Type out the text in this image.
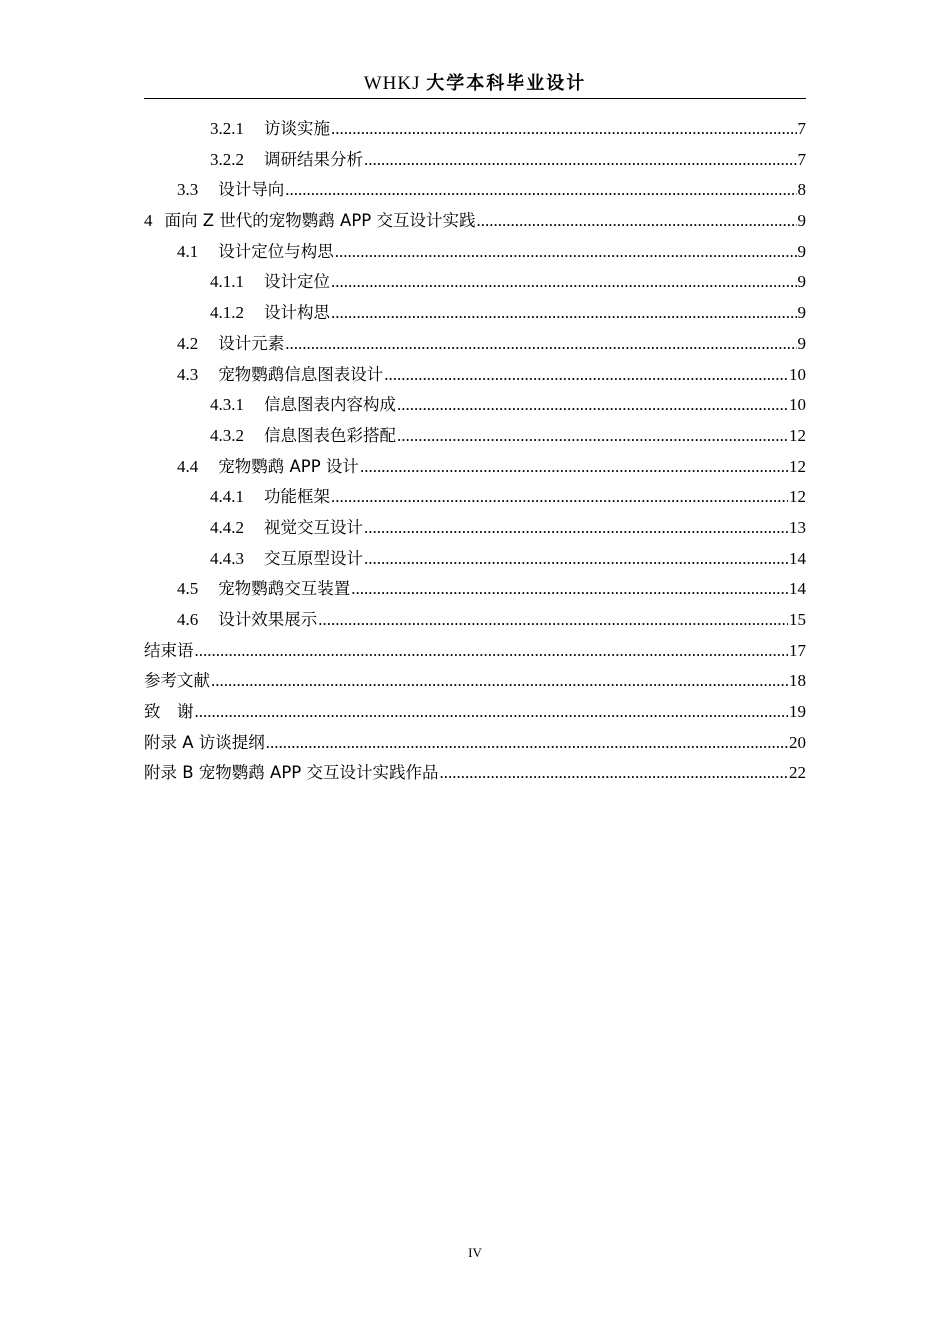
WHKJ 大学本科毕业设计
3.2.1 访谈实施 .....	7
3.2.2 调研结果分析 .....	7
3.3 设计导向 .....	8
4 面向 Z 世代的宠物鹦鹉 APP 交互设计实践 .....	9
4.1 设计定位与构思 .....	9
4.1.1 设计定位 .....	9
4.1.2 设计构思 .....	9
4.2 设计元素 .....	9
4.3 宠物鹦鹉信息图表设计 .....	10
4.3.1 信息图表内容构成 .....	10
4.3.2 信息图表色彩搭配 .....	12
4.4 宠物鹦鹉 APP 设计 .....	12
4.4.1 功能框架 .....	12
4.4.2 视觉交互设计 .....	13
4.4.3 交互原型设计 .....	14
4.5 宠物鹦鹉交互装置 .....	14
4.6 设计效果展示 .....	15
结束语 .....	17
参考文献 .....	18
致　谢 .....	19
附录 A 访谈提纲 .....	20
附录 B 宠物鹦鹉 APP 交互设计实践作品 .....	22
IV
